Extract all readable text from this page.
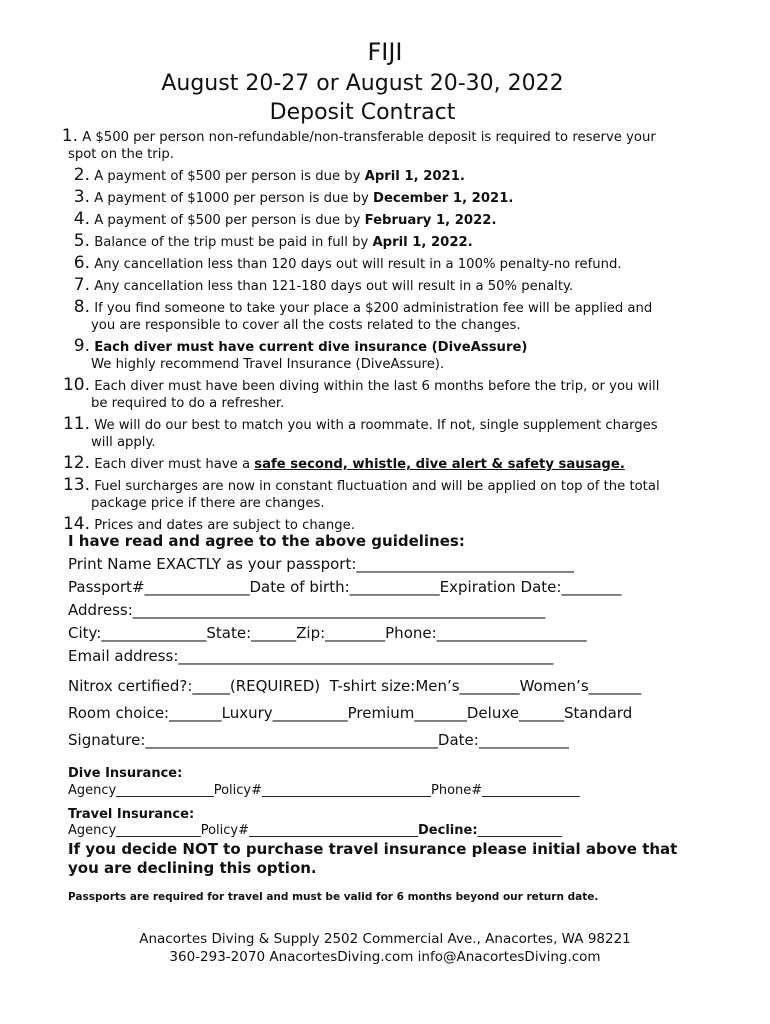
FIJI
August 20-27 or August 20-30, 2022
Deposit Contract
1. A $500 per person non-refundable/non-transferable deposit is required to reserve your
spot on the trip.
2. A payment of $500 per person is due by April 1, 2021.
3. A payment of $1000 per person is due by December 1, 2021.
4. A payment of $500 per person is due by February 1, 2022.
5. Balance of the trip must be paid in full by April 1, 2022.
6. Any cancellation less than 120 days out will result in a 100% penalty-no refund.
7. Any cancellation less than 121-180 days out will result in a 50% penalty.
8. If you find someone to take your place a $200 administration fee will be applied and
you are responsible to cover all the costs related to the changes.
9. Each diver must have current dive insurance (DiveAssure)
We highly recommend Travel Insurance (DiveAssure).
10. Each diver must have been diving within the last 6 months before the trip, or you will
be required to do a refresher.
11. We will do our best to match you with a roommate. If not, single supplement charges
will apply.
12. Each diver must have a safe second, whistle, dive alert & safety sausage.
13. Fuel surcharges are now in constant fluctuation and will be applied on top of the total
package price if there are changes.
14. Prices and dates are subject to change.
I have read and agree to the above guidelines:
Print Name EXACTLY as your passport:_____________________________
Passport#______________Date of birth:____________Expiration Date:________
Address:_______________________________________________________
City:______________State:______Zip:________Phone:____________________
Email address:__________________________________________________
Nitrox certified?:_____(REQUIRED)  T-shirt size:Men’s________Women’s_______
Room choice:_______Luxury__________Premium_______Deluxe______Standard
Signature:_______________________________________Date:____________
Dive Insurance:
Agency_______________Policy#__________________________Phone#_______________
Travel Insurance:
Agency_____________Policy#__________________________Decline:_____________
If you decide NOT to purchase travel insurance please initial above that you are declining this option.
Passports are required for travel and must be valid for 6 months beyond our return date.
Anacortes Diving & Supply 2502 Commercial Ave., Anacortes, WA 98221
360-293-2070 AnacortesDiving.com info@AnacortesDiving.com
